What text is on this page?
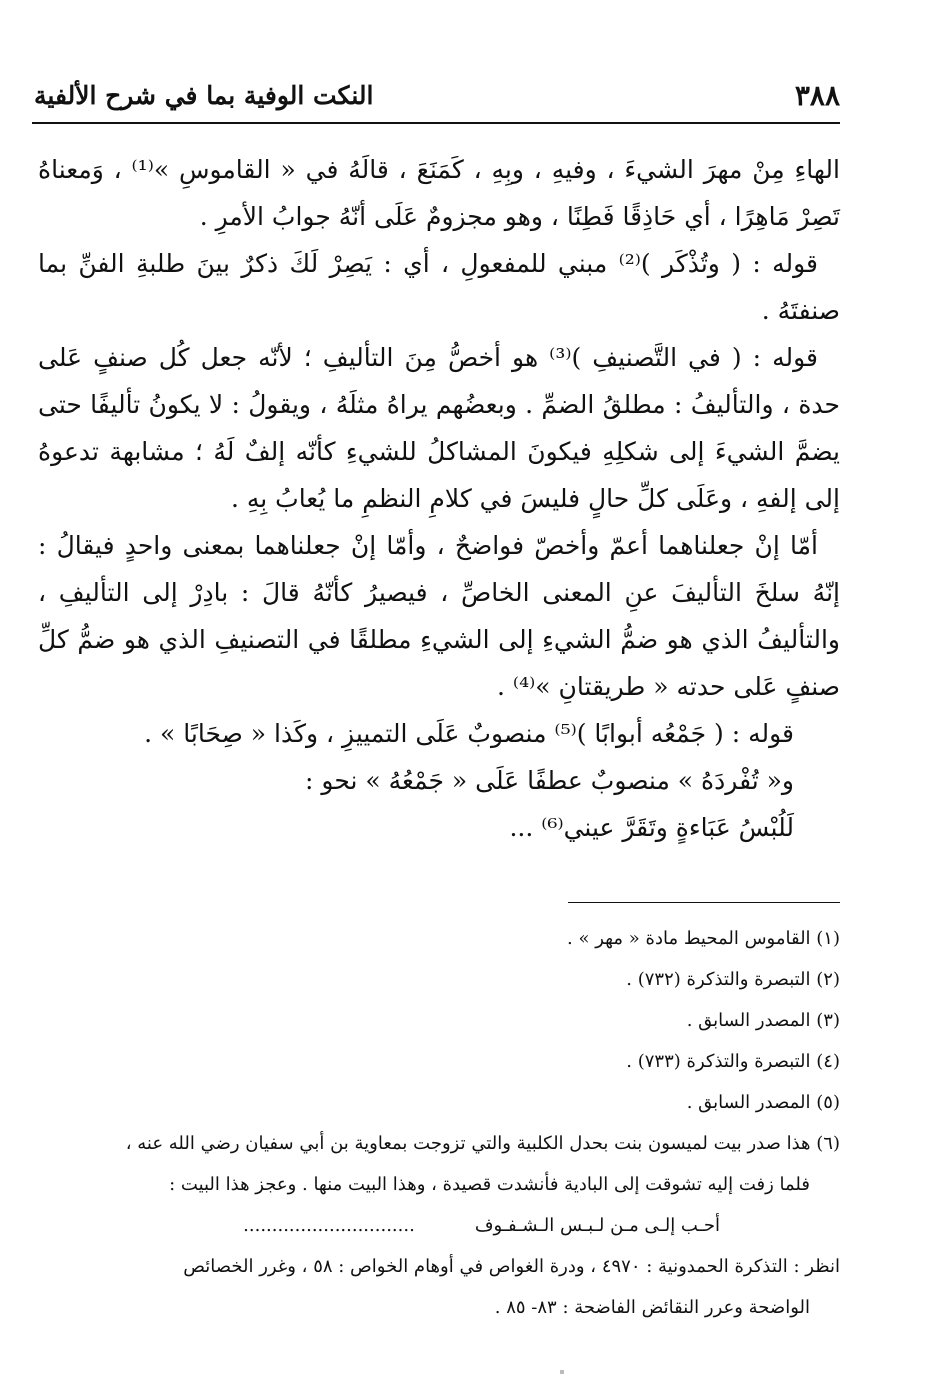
٣٨٨
النكت الوفية بما في شرح الألفية

الهاءِ مِنْ مهرَ الشيءَ ، وفيهِ ، وبِهِ ، كَمَنَعَ ، قالَهُ في « القاموسِ »⁽¹⁾ ، وَمعناهُ تَصِرْ مَاهِرًا ، أي حَاذِقًا فَطِنًا ، وهو مجزومٌ عَلَى أنّهُ جوابُ الأمرِ .

قوله : ( وتُذْكَر )⁽²⁾ مبني للمفعولِ ، أي : يَصِرْ لَكَ ذكرٌ بينَ طلبةِ الفنِّ بما صنفتَهُ .

قوله : ( في التَّصنيفِ )⁽³⁾ هو أخصُّ مِنَ التأليفِ ؛ لأنّه جعل كُل صنفٍ عَلى حدة ، والتأليفُ : مطلقُ الضمِّ . وبعضُهم يراهُ مثلَهُ ، ويقولُ : لا يكونُ تأليفًا حتى يضمَّ الشيءَ إلى شكلِهِ فيكونَ المشاكلُ للشيءِ كأنّه إلفٌ لَهُ ؛ مشابهة تدعوهُ إلى إلفهِ ، وعَلَى كلِّ حالٍ فليسَ في كلامِ النظمِ ما يُعابُ بِهِ .

أمّا إنْ جعلناهما أعمّ وأخصّ فواضحٌ ، وأمّا إنْ جعلناهما بمعنى واحدٍ فيقالُ : إنّهُ سلخَ التأليفَ عنِ المعنى الخاصِّ ، فيصيرُ كأنّهُ قالَ : بادِرْ إلى التأليفِ ، والتأليفُ الذي هو ضمُّ الشيءِ إلى الشيءِ مطلقًا في التصنيفِ الذي هو ضمُّ كلِّ صنفٍ عَلى حدته « طريقتانِ »⁽⁴⁾ .

قوله : ( جَمْعُه أبوابًا )⁽⁵⁾ منصوبٌ عَلَى التمييزِ ، وكَذا « صِحَابًا » .

و« تُفْردَهُ » منصوبٌ عطفًا عَلَى « جَمْعُهُ » نحو :

لَلُبْسُ عَبَاءةٍ وتَقَرَّ عيني⁽⁶⁾ ...

(١) القاموس المحيط مادة « مهر » .

(٢) التبصرة والتذكرة (٧٣٢) .

(٣) المصدر السابق .

(٤) التبصرة والتذكرة (٧٣٣) .

(٥) المصدر السابق .

(٦) هذا صدر بيت لميسون بنت بحدل الكلبية والتي تزوجت بمعاوية بن أبي سفيان رضي الله عنه ،

فلما زفت إليه تشوقت إلى البادية فأنشدت قصيدة ، وهذا البيت منها . وعجز هذا البيت :

أحـب إلـى مـن لـبـس الـشـفـوف
..............................

انظر : التذكرة الحمدونية : ٤٩٧٠ ، ودرة الغواص في أوهام الخواص : ٥٨ ، وغرر الخصائص

الواضحة وعرر النقائض الفاضحة : ٨٣- ٨٥ .
